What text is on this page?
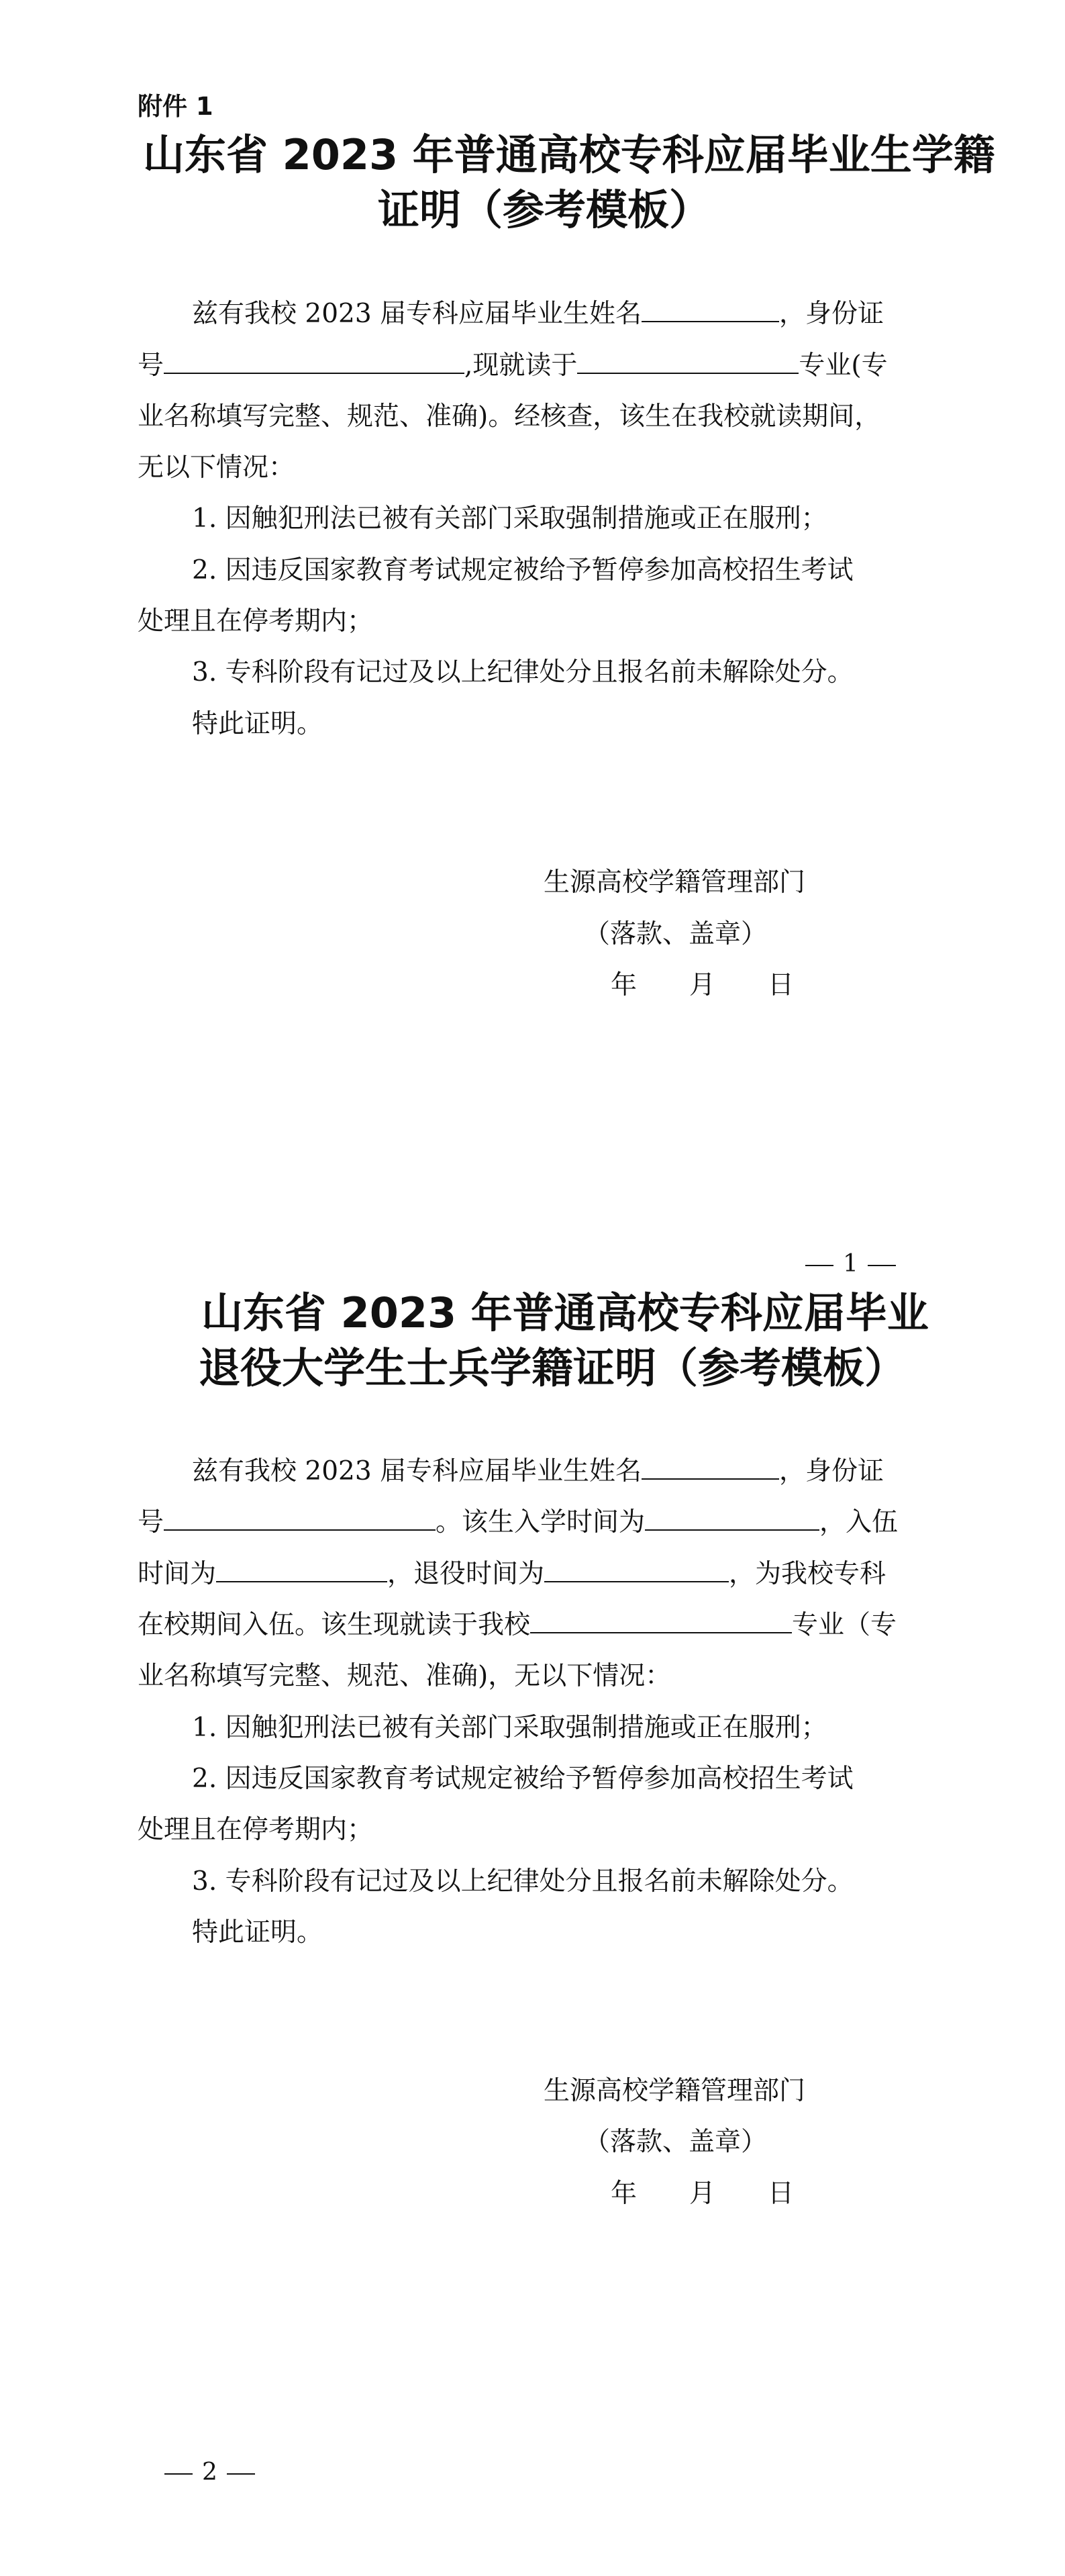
附件 1
山东省 2023 年普通高校专科应届毕业生学籍
证明（参考模板）
兹有我校 2023 届专科应届毕业生姓名	，身份证
号	,现就读于	专业(专
业名称填写完整、规范、准确)。经核查，该生在我校就读期间，
无以下情况：
1. 因触犯刑法已被有关部门采取强制措施或正在服刑；
2. 因违反国家教育考试规定被给予暂停参加高校招生考试
处理且在停考期内；
3. 专科阶段有记过及以上纪律处分且报名前未解除处分。
特此证明。
生源高校学籍管理部门
（落款、盖章）
年　　月　　日
1
山东省 2023 年普通高校专科应届毕业
退役大学生士兵学籍证明（参考模板）
兹有我校 2023 届专科应届毕业生姓名	，身份证
号	。该生入学时间为	，入伍
时间为	，退役时间为	，为我校专科
在校期间入伍。该生现就读于我校	专业（专
业名称填写完整、规范、准确)，无以下情况：
1. 因触犯刑法已被有关部门采取强制措施或正在服刑；
2. 因违反国家教育考试规定被给予暂停参加高校招生考试
处理且在停考期内；
3. 专科阶段有记过及以上纪律处分且报名前未解除处分。
特此证明。
生源高校学籍管理部门
（落款、盖章）
年　　月　　日
2
